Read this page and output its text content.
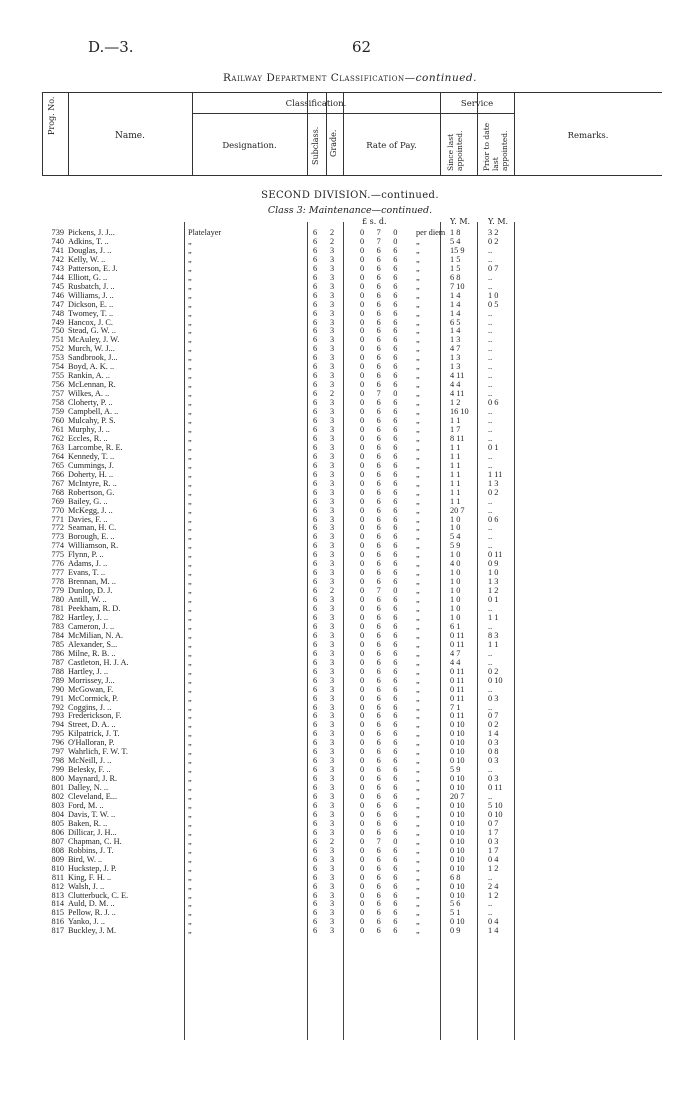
D.—3.	62
Railway Department Classification—continued.
Prog. No.
Name.
Classification.
Designation.	Subclass. Grade.	Rate of Pay.
Service
Since last appointed. Prior to date last appointed.	Remarks.
SECOND DIVISION.—continued.
Class 3: Maintenance—continued.
£ s. d.	Y. M. Y. M.
739 Pickens, J. J...	Platelayer	6 2	0 7 0 per diem 1 8	3 2
740 Adkins, T. ..	„	6 2	0 7 0 „	5 4	0 2
741 Douglas, J. ..	„	6 3	0 6 6 „	15 9	..
742 Kelly, W. ..	„	6 3	0 6 6 „	1 5	..
743 Patterson, E. J.	„	6 3	0 6 6 „	1 5	0 7
744 Elliott, G. ..	„	6 3	0 6 6 „	6 8	..
745 Rusbatch, J. ..	„	6 3	0 6 6 „	7 10	..
746 Williams, J. ..	„	6 3	0 6 6 „	1 4	1 0
747 Dickson, E. ..	„	6 3	0 6 6 „	1 4	0 5
748 Twomey, T. ..	„	6 3	0 6 6 „	1 4	..
749 Hancox, J. C.	„	6 3	0 6 6 „	6 5	..
750 Stead, G. W. ..	„	6 3	0 6 6 „	1 4	..
751 McAuley, J. W.	„	6 3	0 6 6 „	1 3	..
752 Murch, W. J...	„	6 3	0 6 6 „	4 7	..
753 Sandbrook, J...	„	6 3	0 6 6 „	1 3	..
754 Boyd, A. K. ..	„	6 3	0 6 6 „	1 3	..
755 Rankin, A. ..	„	6 3	0 6 6 „	4 11	..
756 McLennan, R.	„	6 3	0 6 6 „	4 4	..
757 Wilkes, A. ..	„	6 2	0 7 0 „	4 11	..
758 Cloherty, P. ..	„	6 3	0 6 6 „	1 2	0 6
759 Campbell, A. ..	„	6 3	0 6 6 „	16 10	..
760 Mulcahy, P. S.	„	6 3	0 6 6 „	1 1	..
761 Murphy, J. ..	„	6 3	0 6 6 „	1 7	..
762 Eccles, R. ..	„	6 3	0 6 6 „	8 11	..
763 Larcombe, R. E.	„	6 3	0 6 6 „	1 1	0 1
764 Kennedy, T. ..	„	6 3	0 6 6 „	1 1	..
765 Cummings, J.	„	6 3	0 6 6 „	1 1	..
766 Doherty, H. ..	„	6 3	0 6 6 „	1 1	1 11
767 McIntyre, R. ..	„	6 3	0 6 6 „	1 1	1 3
768 Robertson, G.	„	6 3	0 6 6 „	1 1	0 2
769 Bailey, G. ..	„	6 3	0 6 6 „	1 1	..
770 McKegg, J. ..	„	6 3	0 6 6 „	20 7	..
771 Davies, F. ..	„	6 3	0 6 6 „	1 0	0 6
772 Seaman, H. C.	„	6 3	0 6 6 „	1 0	..
773 Borough, E. ..	„	6 3	0 6 6 „	5 4	..
774 Williamson, R.	„	6 3	0 6 6 „	5 9	..
775 Flynn, P. ..	„	6 3	0 6 6 „	1 0	0 11
776 Adams, J. ..	„	6 3	0 6 6 „	4 0	0 9
777 Evans, T. ..	„	6 3	0 6 6 „	1 0	1 0
778 Brennan, M. ..	„	6 3	0 6 6 „	1 0	1 3
779 Dunlop, D. J.	„	6 2	0 7 0 „	1 0	1 2
780 Antill, W. ..	„	6 3	0 6 6 „	1 0	0 1
781 Peekham, R. D.	„	6 3	0 6 6 „	1 0	..
782 Hartley, J. ..	„	6 3	0 6 6 „	1 0	1 1
783 Cameron, J. ..	„	6 3	0 6 6 „	6 1	..
784 McMilian, N. A.	„	6 3	0 6 6 „	0 11	8 3
785 Alexander, S...	„	6 3	0 6 6 „	0 11	1 1
786 Milne, R. B. ..	„	6 3	0 6 6 „	4 7	..
787 Castleton, H. J. A.	„	6 3	0 6 6 „	4 4	..
788 Hartley, J. ..	„	6 3	0 6 6 „	0 11	0 2
789 Morrissey, J...	„	6 3	0 6 6 „	0 11	0 10
790 McGowan, F.	„	6 3	0 6 6 „	0 11	..
791 McCormick, P.	„	6 3	0 6 6 „	0 11	0 3
792 Coggins, J. ..	„	6 3	0 6 6 „	7 1	..
793 Frederickson, F.	„	6 3	0 6 6 „	0 11	0 7
794 Street, D. A. ..	„	6 3	0 6 6 „	0 10	0 2
795 Kilpatrick, J. T.	„	6 3	0 6 6 „	0 10	1 4
796 O'Halloran, P.	„	6 3	0 6 6 „	0 10	0 3
797 Wahrlich, F. W. T.	„	6 3	0 6 6 „	0 10	0 8
798 McNeill, J. ..	„	6 3	0 6 6 „	0 10	0 3
799 Belesky, F. ..	„	6 3	0 6 6 „	5 9	..
800 Maynard, J. R.	„	6 3	0 6 6 „	0 10	0 3
801 Dalley, N. ..	„	6 3	0 6 6 „	0 10	0 11
802 Cleveland, E...	„	6 3	0 6 6 „	20 7	..
803 Ford, M. ..	„	6 3	0 6 6 „	0 10	5 10
804 Davis, T. W. ..	„	6 3	0 6 6 „	0 10	0 10
805 Baken, R. ..	„	6 3	0 6 6 „	0 10	0 7
806 Dillicar, J. H...	„	6 3	0 6 6 „	0 10	1 7
807 Chapman, C. H.	„	6 2	0 7 0 „	0 10	0 3
808 Robbins, J. T.	„	6 3	0 6 6 „	0 10	1 7
809 Bird, W. ..	„	6 3	0 6 6 „	0 10	0 4
810 Huckstep, J. P.	„	6 3	0 6 6 „	0 10	1 2
811 King, F. H. ..	„	6 3	0 6 6 „	6 8	..
812 Walsh, J. ..	„	6 3	0 6 6 „	0 10	2 4
813 Clutterbuck, C. E.	„	6 3	0 6 6 „	0 10	1 2
814 Auld, D. M. ..	„	6 3	0 6 6 „	5 6	..
815 Pellow, R. J. ..	„	6 3	0 6 6 „	5 1	..
816 Yanko, J. ..	„	6 3	0 6 6 „	0 10	0 4
817 Buckley, J. M.	„	6 3	0 6 6 „	0 9	1 4
